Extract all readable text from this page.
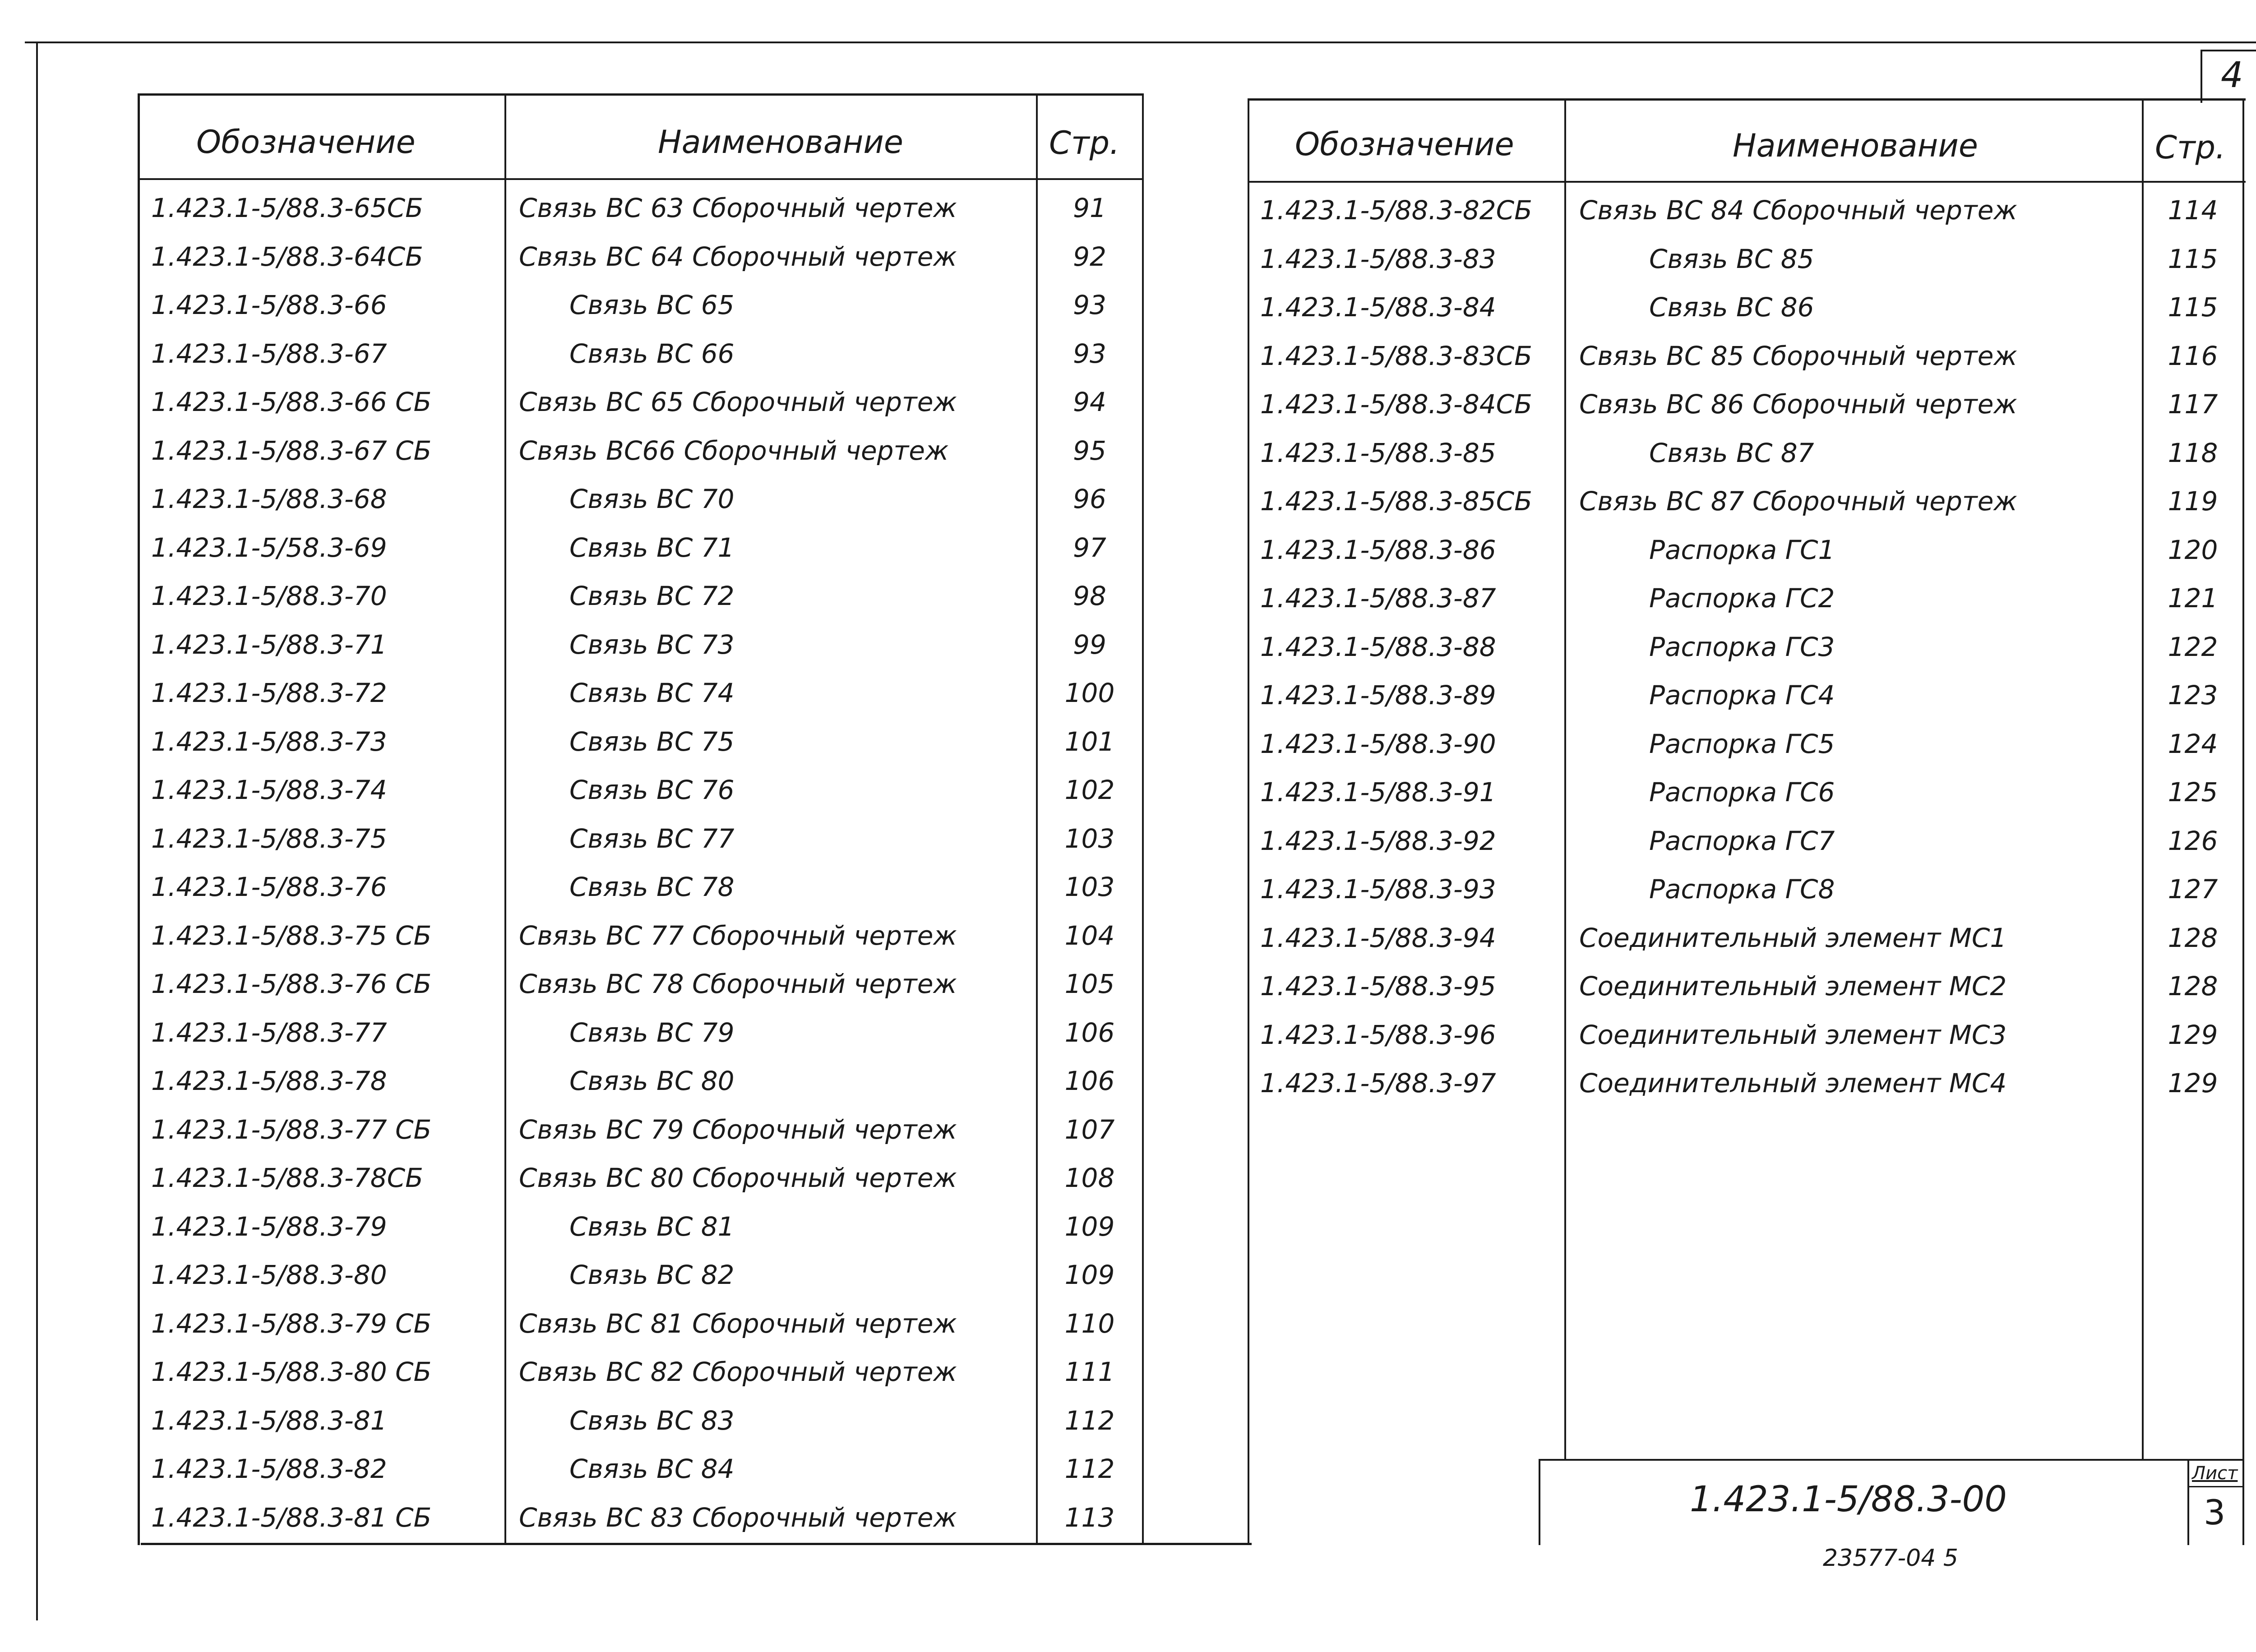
4
1.423.1-5/88.3-00
Лист
3
23577-04 5
Обозначение	Наименование	Стр.	Обозначение	Наименование	Стр.
1.423.1-5/88.3-65СБ	Связь ВС 63 Сборочный чертеж	91
1.423.1-5/88.3-64СБ	Связь ВС 64 Сборочный чертеж	92
1.423.1-5/88.3-66	Связь ВС 65	93
1.423.1-5/88.3-67	Связь ВС 66	93
1.423.1-5/88.3-66 СБ	Связь ВС 65 Сборочный чертеж	94
1.423.1-5/88.3-67 СБ	Связь ВС66 Сборочный чертеж	95
1.423.1-5/88.3-68	Связь ВС 70	96
1.423.1-5/58.3-69	Связь ВС 71	97
1.423.1-5/88.3-70	Связь ВС 72	98
1.423.1-5/88.3-71	Связь ВС 73	99
1.423.1-5/88.3-72	Связь ВС 74	100
1.423.1-5/88.3-73	Связь ВС 75	101
1.423.1-5/88.3-74	Связь ВС 76	102
1.423.1-5/88.3-75	Связь ВС 77	103
1.423.1-5/88.3-76	Связь ВС 78	103
1.423.1-5/88.3-75 СБ	Связь ВС 77 Сборочный чертеж	104
1.423.1-5/88.3-76 СБ	Связь ВС 78 Сборочный чертеж	105
1.423.1-5/88.3-77	Связь ВС 79	106
1.423.1-5/88.3-78	Связь ВС 80	106
1.423.1-5/88.3-77 СБ	Связь ВС 79 Сборочный чертеж	107
1.423.1-5/88.3-78СБ	Связь ВС 80 Сборочный чертеж	108
1.423.1-5/88.3-79	Связь ВС 81	109
1.423.1-5/88.3-80	Связь ВС 82	109
1.423.1-5/88.3-79 СБ	Связь ВС 81 Сборочный чертеж	110
1.423.1-5/88.3-80 СБ	Связь ВС 82 Сборочный чертеж	111
1.423.1-5/88.3-81	Связь ВС 83	112
1.423.1-5/88.3-82	Связь ВС 84	112
1.423.1-5/88.3-81 СБ	Связь ВС 83 Сборочный чертеж	113
1.423.1-5/88.3-82СБ Связь ВС 84 Сборочный чертеж	114
1.423.1-5/88.3-83	Связь ВС 85	115
1.423.1-5/88.3-84	Связь ВС 86	115
1.423.1-5/88.3-83СБ Связь ВС 85 Сборочный чертеж	116
1.423.1-5/88.3-84СБ Связь ВС 86 Сборочный чертеж	117
1.423.1-5/88.3-85	Связь ВС 87	118
1.423.1-5/88.3-85СБ Связь ВС 87 Сборочный чертеж	119
1.423.1-5/88.3-86	Распорка ГС1	120
1.423.1-5/88.3-87	Распорка ГС2	121
1.423.1-5/88.3-88	Распорка ГС3	122
1.423.1-5/88.3-89	Распорка ГС4	123
1.423.1-5/88.3-90	Распорка ГС5	124
1.423.1-5/88.3-91	Распорка ГС6	125
1.423.1-5/88.3-92	Распорка ГС7	126
1.423.1-5/88.3-93	Распорка ГС8	127
1.423.1-5/88.3-94	Соединительный элемент МС1	128
1.423.1-5/88.3-95	Соединительный элемент МС2	128
1.423.1-5/88.3-96	Соединительный элемент МС3	129
1.423.1-5/88.3-97	Соединительный элемент МС4	129
